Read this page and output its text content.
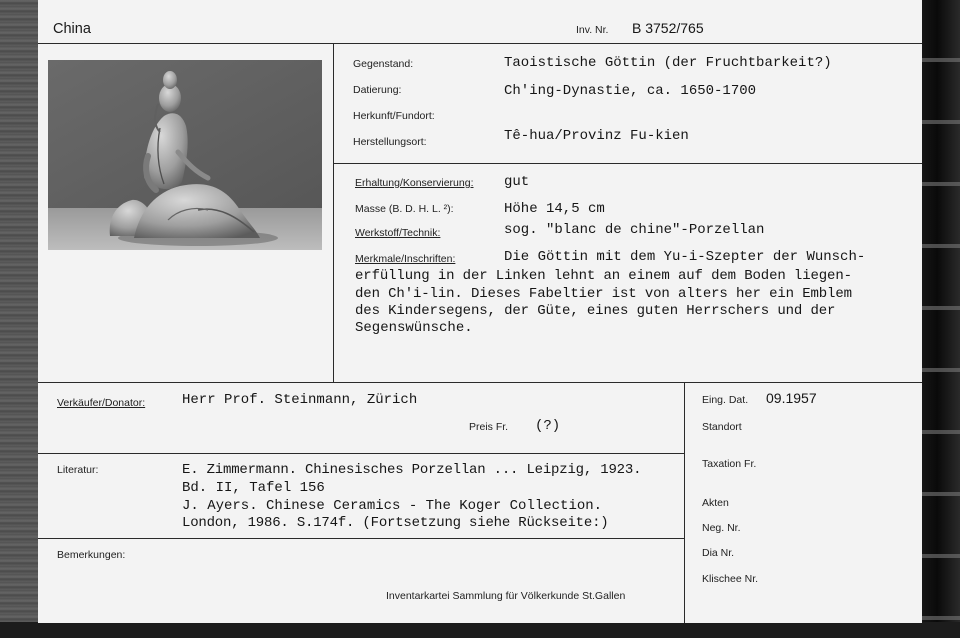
China	Inv. Nr. B 3752/765
Gegenstand:	Taoistische Göttin (der Fruchtbarkeit?)
Datierung:	Ch'ing-Dynastie, ca. 1650-1700
Herkunft/Fundort:
Herstellungsort:	Tê-hua/Provinz Fu-kien
Erhaltung/Konservierung: gut
Masse (B. D. H. L. ²):	Höhe 14,5 cm
Werkstoff/Technik:	sog. "blanc de chine"-Porzellan
Merkmale/Inschriften:	Die Göttin mit dem Yu-i-Szepter der Wunsch-
erfüllung in der Linken lehnt an einem auf dem Boden liegen-
den Ch'i-lin. Dieses Fabeltier ist von alters her ein Emblem
des Kindersegens, der Güte, eines guten Herrschers und der
Segenswünsche.
Verkäufer/Donator:	Herr Prof. Steinmann, Zürich
Preis Fr. (?)
Literatur:	E. Zimmermann. Chinesisches Porzellan ... Leipzig, 1923.
Bd. II, Tafel 156
J. Ayers. Chinese Ceramics - The Koger Collection.
London, 1986. S.174f. (Fortsetzung siehe Rückseite:)
Bemerkungen:
Inventarkartei Sammlung für Völkerkunde St.Gallen
Eing. Dat. 09.1957
Standort
Taxation Fr.
Akten
Neg. Nr.
Dia Nr.
Klischee Nr.
